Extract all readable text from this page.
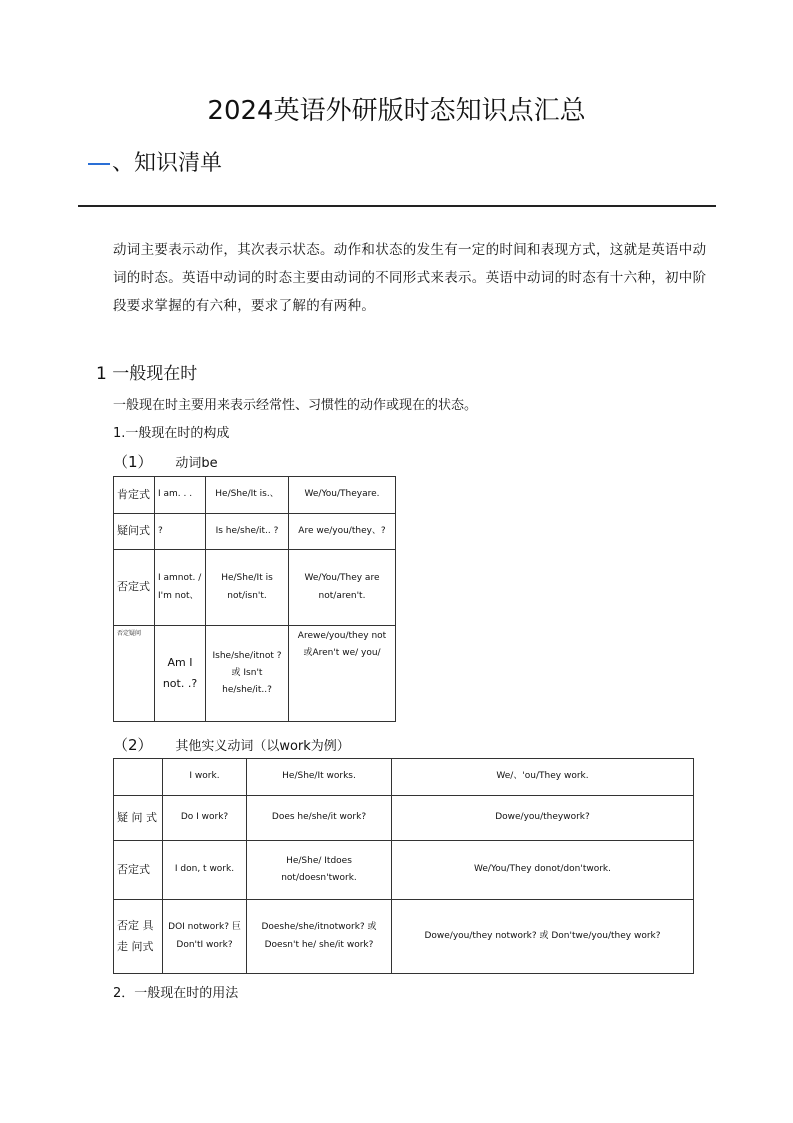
2024英语外研版时态知识点汇总
、知识清单
动词主要表示动作，其次表示状态。动作和状态的发生有一定的时间和表现方式，这就是英语中动词的时态。英语中动词的时态主要由动词的不同形式来表示。英语中动词的时态有十六种，初中阶段要求掌握的有六种，要求了解的有两种。
1 一般现在时
一般现在时主要用来表示经常性、习惯性的动作或现在的状态。
1.一般现在时的构成
（1） 动词be
肯定式	I am. . .	He/She/It is.、	We/You/Theyare.
疑问式	?	Is he/she/it.. ?	Are we/you/they、?
否定式	I amnot. / I'm not、	He/She/It is not/isn't.	We/You/They are not/aren't.
否定疑问	Am I not. .?	Ishe/she/itnot ? 或 Isn't he/she/it..?	Arewe/you/they not 或Aren't we/ you/
（2） 其他实义动词（以work为例）
	I work.	He/She/It works.	We/、'ou/They work.
疑 问 式	Do I work?	Does he/she/it work?	Dowe/you/theywork?
否定式	I don, t work.	He/She/ Itdoes not/doesn'twork.	We/You/They donot/don'twork.
否定 具走 问式	DOI notwork? 巨 Don'tI work?	Doeshe/she/itnotwork? 或 Doesn't he/ she/it work?	Dowe/you/they notwork? 或 Don'twe/you/they work?
2．一般现在时的用法
